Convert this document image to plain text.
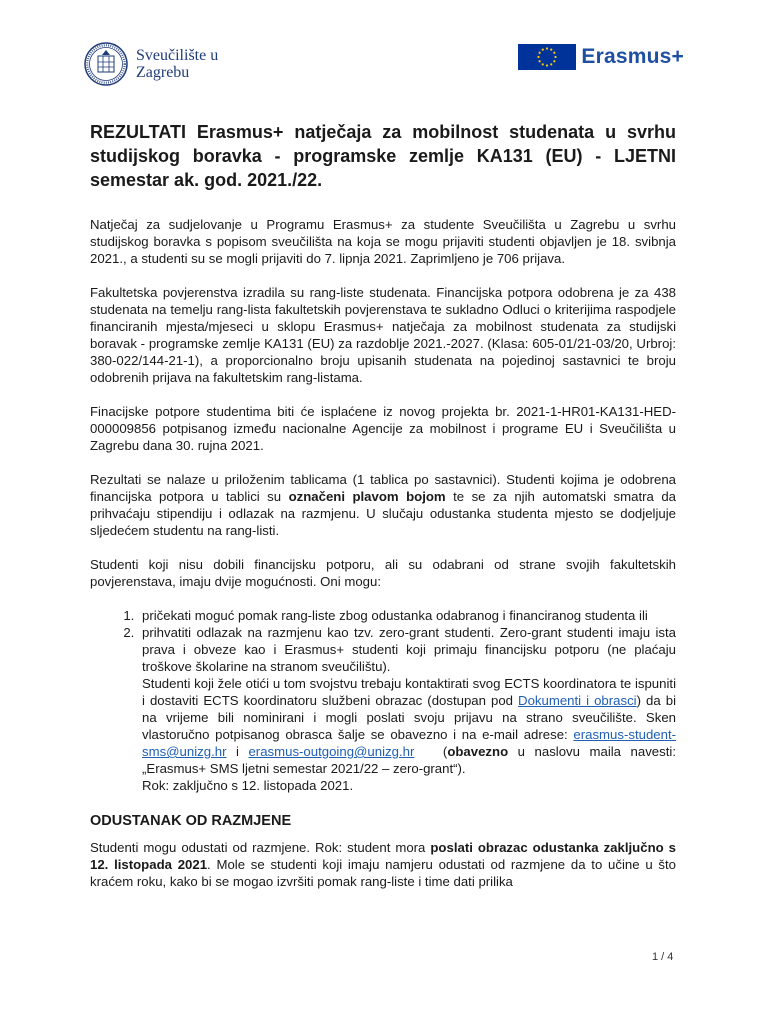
Sveučilište u
Zagrebu
Erasmus+
REZULTATI Erasmus+ natječaja za mobilnost studenata u svrhu studijskog boravka - programske zemlje KA131 (EU) - LJETNI semestar ak. god. 2021./22.

Natječaj za sudjelovanje u Programu Erasmus+ za studente Sveučilišta u Zagrebu u svrhu studijskog boravka s popisom sveučilišta na koja se mogu prijaviti studenti objavljen je 18. svibnja 2021., a studenti su se mogli prijaviti do 7. lipnja 2021. Zaprimljeno je 706 prijava.

Fakultetska povjerenstva izradila su rang-liste studenata. Financijska potpora odobrena je za 438 studenata na temelju rang-lista fakultetskih povjerenstava te sukladno Odluci o kriterijima raspodjele financiranih mjesta/mjeseci u sklopu Erasmus+ natječaja za mobilnost studenata za studijski boravak - programske zemlje KA131 (EU) za razdoblje 2021.-2027. (Klasa: 605-01/21-03/20, Urbroj: 380-022/144-21-1), a proporcionalno broju upisanih studenata na pojedinoj sastavnici te broju odobrenih prijava na fakultetskim rang-listama.

Finacijske potpore studentima biti će isplaćene iz novog projekta br. 2021-1-HR01-KA131-HED-000009856 potpisanog između nacionalne Agencije za mobilnost i programe EU i Sveučilišta u Zagrebu dana 30. rujna 2021.

Rezultati se nalaze u priloženim tablicama (1 tablica po sastavnici). Studenti kojima je odobrena financijska potpora u tablici su označeni plavom bojom te se za njih automatski smatra da prihvaćaju stipendiju i odlazak na razmjenu. U slučaju odustanka studenta mjesto se dodjeljuje sljedećem studentu na rang-listi.

Studenti koji nisu dobili financijsku potporu, ali su odabrani od strane svojih fakultetskih povjerenstava, imaju dvije mogućnosti. Oni mogu:

1. pričekati moguć pomak rang-liste zbog odustanka odabranog i financiranog studenta ili
2. prihvatiti odlazak na razmjenu kao tzv. zero-grant studenti. Zero-grant studenti imaju ista prava i obveze kao i Erasmus+ studenti koji primaju financijsku potporu (ne plaćaju troškove školarine na stranom sveučilištu).
Studenti koji žele otići u tom svojstvu trebaju kontaktirati svog ECTS koordinatora te ispuniti i dostaviti ECTS koordinatoru službeni obrazac (dostupan pod Dokumenti i obrasci) da bi na vrijeme bili nominirani i mogli poslati svoju prijavu na strano sveučilište. Sken vlastoručno potpisanog obrasca šalje se obavezno i na e-mail adrese: erasmus-student-sms@unizg.hr i erasmus-outgoing@unizg.hr   (obavezno u naslovu maila navesti: „Erasmus+ SMS ljetni semestar 2021/22 – zero-grant“).
Rok: zaključno s 12. listopada 2021.
ODUSTANAK OD RAZMJENE

Studenti mogu odustati od razmjene. Rok: student mora poslati obrazac odustanka zaključno s 12. listopada 2021. Mole se studenti koji imaju namjeru odustati od razmjene da to učine u što kraćem roku, kako bi se mogao izvršiti pomak rang-liste i time dati prilika

1 / 4
